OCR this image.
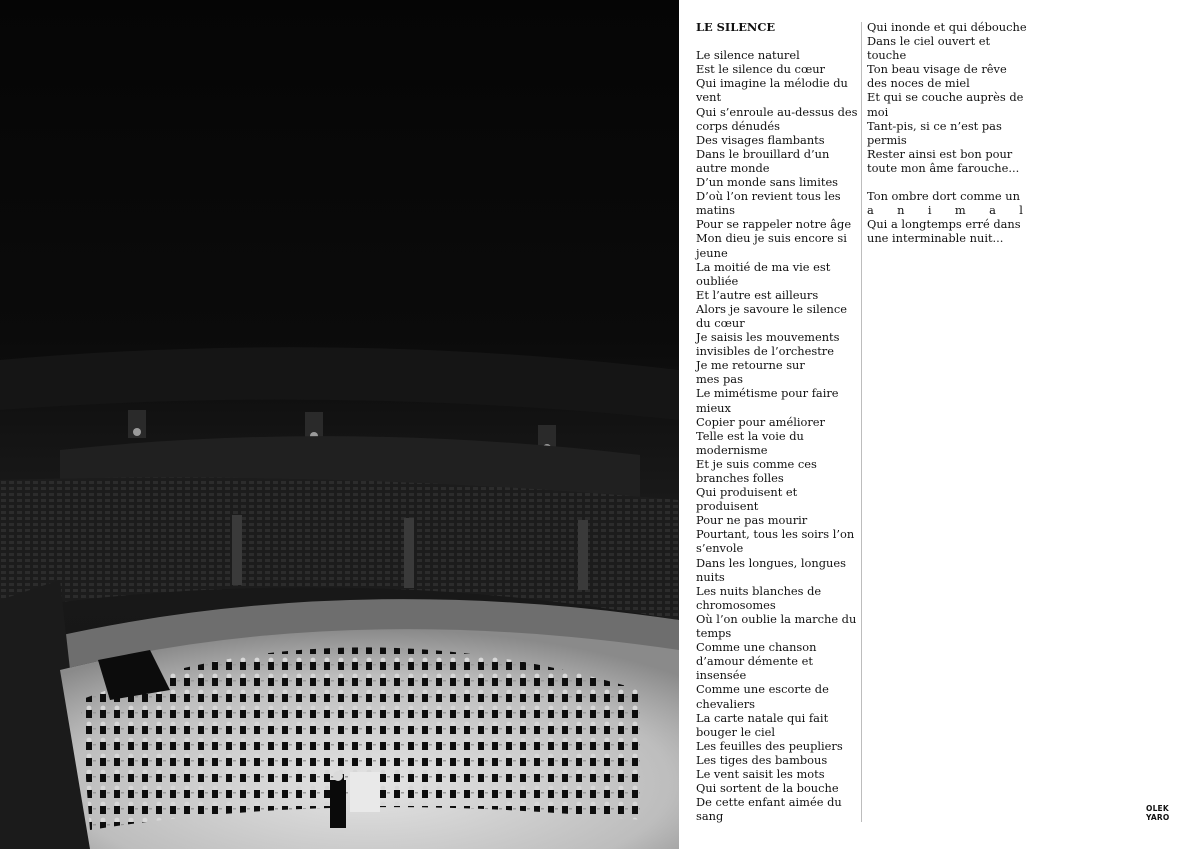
LE SILENCE
Le silence naturel
Est le silence du cœur
Qui imagine la mélodie du
vent
Qui s’enroule au-dessus des
corps dénudés
Des visages flambants
Dans le brouillard d’un
autre monde
D’un monde sans limites
D’où l’on revient tous les
matins
Pour se rappeler notre âge
Mon dieu je suis encore si
jeune
La moitié de ma vie est
oubliée
Et l’autre est ailleurs
Alors je savoure le silence
du cœur
Je saisis les mouvements
invisibles de l’orchestre
Je me retourne sur
mes pas
Le mimétisme pour faire
mieux
Copier pour améliorer
Telle est la voie du
modernisme
Et je suis comme ces
branches folles
Qui produisent et
produisent
Pour ne pas mourir
Pourtant, tous les soirs l’on
s’envole
Dans les longues, longues
nuits
Les nuits blanches de
chromosomes
Où l’on oublie la marche du
temps
Comme une chanson
d’amour démente et
insensée
Comme une escorte de
chevaliers
La carte natale qui fait
bouger le ciel
Les feuilles des peupliers
Les tiges des bambous
Le vent saisit les mots
Qui sortent de la bouche
De cette enfant aimée du
sang
Qui inonde et qui débouche
Dans le ciel ouvert et
touche
Ton beau visage de rêve
des noces de miel
Et qui se couche auprès de
moi
Tant-pis, si ce n’est pas
permis
Rester ainsi est bon pour
toute mon âme farouche...
Ton ombre dort comme un
a n i m a l
Qui a longtemps erré dans
une interminable nuit...
OLEK
YARO
